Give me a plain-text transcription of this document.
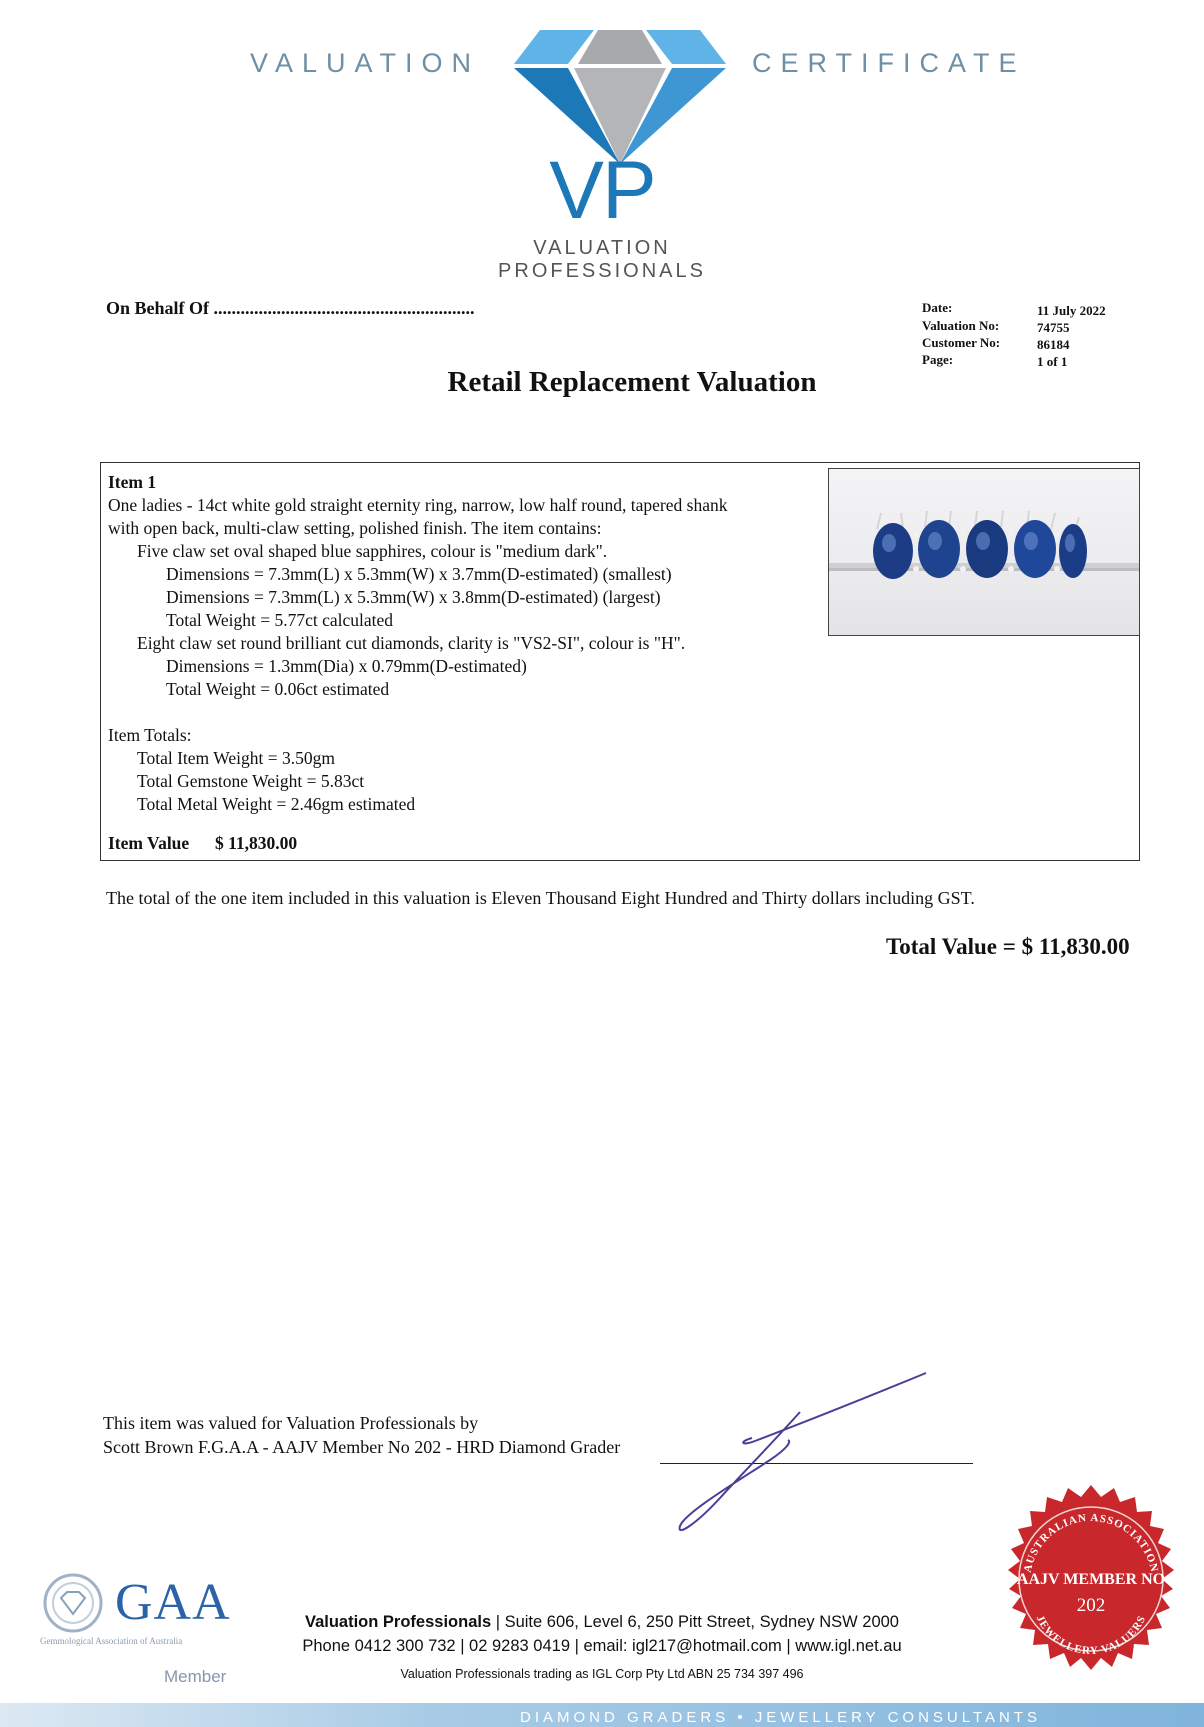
VALUATION	CERTIFICATE
VP
VALUATION
PROFESSIONALS
On Behalf Of ..........................................................	Date:	11 July 2022
Valuation No:	74755
Customer No:	86184
Page:	1 of 1
Retail Replacement Valuation
Item 1
One ladies - 14ct white gold straight eternity ring, narrow, low half round, tapered shank
with open back, multi-claw setting, polished finish. The item contains:
Five claw set oval shaped blue sapphires, colour is "medium dark".
Dimensions = 7.3mm(L) x 5.3mm(W) x 3.7mm(D-estimated) (smallest)
Dimensions = 7.3mm(L) x 5.3mm(W) x 3.8mm(D-estimated) (largest)
Total Weight = 5.77ct calculated
Eight claw set round brilliant cut diamonds, clarity is "VS2-SI", colour is "H".
Dimensions = 1.3mm(Dia) x 0.79mm(D-estimated)
Total Weight = 0.06ct estimated
Item Totals:
Total Item Weight = 3.50gm
Total Gemstone Weight = 5.83ct
Total Metal Weight = 2.46gm estimated
Item Value $ 11,830.00
The total of the one item included in this valuation is Eleven Thousand Eight Hundred and Thirty dollars including GST.
Total Value = $ 11,830.00
This item was valued for Valuation Professionals by
Scott Brown F.G.A.A - AAJV Member No 202 - HRD Diamond Grader
GAA
Gemmological Association of Australia
Member
Valuation Professionals | Suite 606, Level 6, 250 Pitt Street, Sydney NSW 2000
Phone 0412 300 732 | 02 9283 0419 | email: igl217@hotmail.com | www.igl.net.au
Valuation Professionals trading as IGL Corp Pty Ltd ABN 25 734 397 496
AUSTRALIAN ASSOCIATION
JEWELLERY VALUERS
AAJV MEMBER NO
202
DIAMOND GRADERS • JEWELLERY CONSULTANTS
